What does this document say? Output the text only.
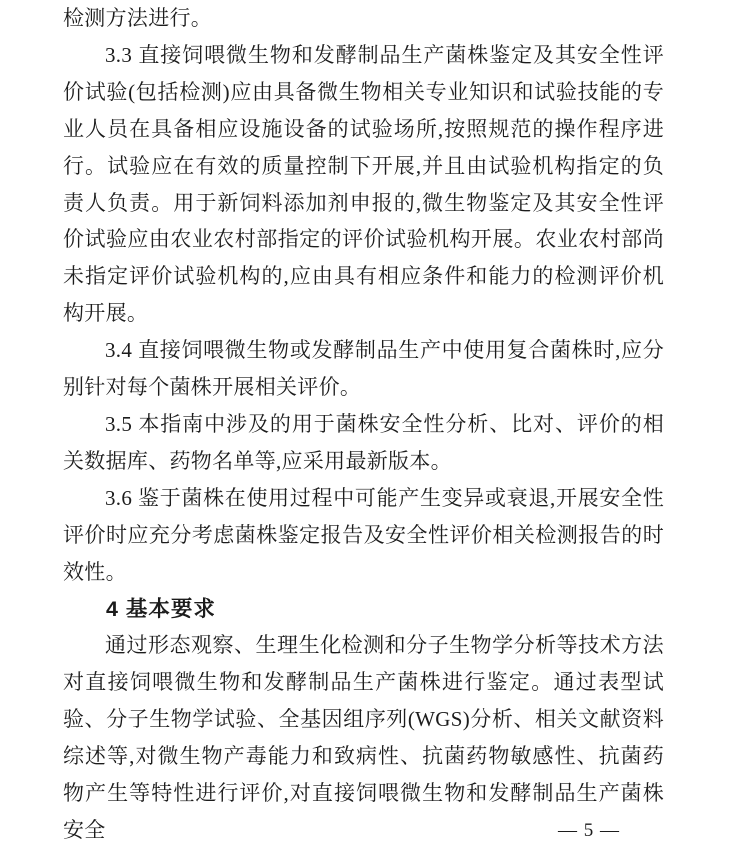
检测方法进行。

3.3 直接饲喂微生物和发酵制品生产菌株鉴定及其安全性评价试验(包括检测)应由具备微生物相关专业知识和试验技能的专业人员在具备相应设施设备的试验场所,按照规范的操作程序进行。试验应在有效的质量控制下开展,并且由试验机构指定的负责人负责。用于新饲料添加剂申报的,微生物鉴定及其安全性评价试验应由农业农村部指定的评价试验机构开展。农业农村部尚未指定评价试验机构的,应由具有相应条件和能力的检测评价机构开展。

3.4 直接饲喂微生物或发酵制品生产中使用复合菌株时,应分别针对每个菌株开展相关评价。

3.5 本指南中涉及的用于菌株安全性分析、比对、评价的相关数据库、药物名单等,应采用最新版本。

3.6 鉴于菌株在使用过程中可能产生变异或衰退,开展安全性评价时应充分考虑菌株鉴定报告及安全性评价相关检测报告的时效性。

4 基本要求

通过形态观察、生理生化检测和分子生物学分析等技术方法对直接饲喂微生物和发酵制品生产菌株进行鉴定。通过表型试验、分子生物学试验、全基因组序列(WGS)分析、相关文献资料综述等,对微生物产毒能力和致病性、抗菌药物敏感性、抗菌药物产生等特性进行评价,对直接饲喂微生物和发酵制品生产菌株安全	— 5 —
